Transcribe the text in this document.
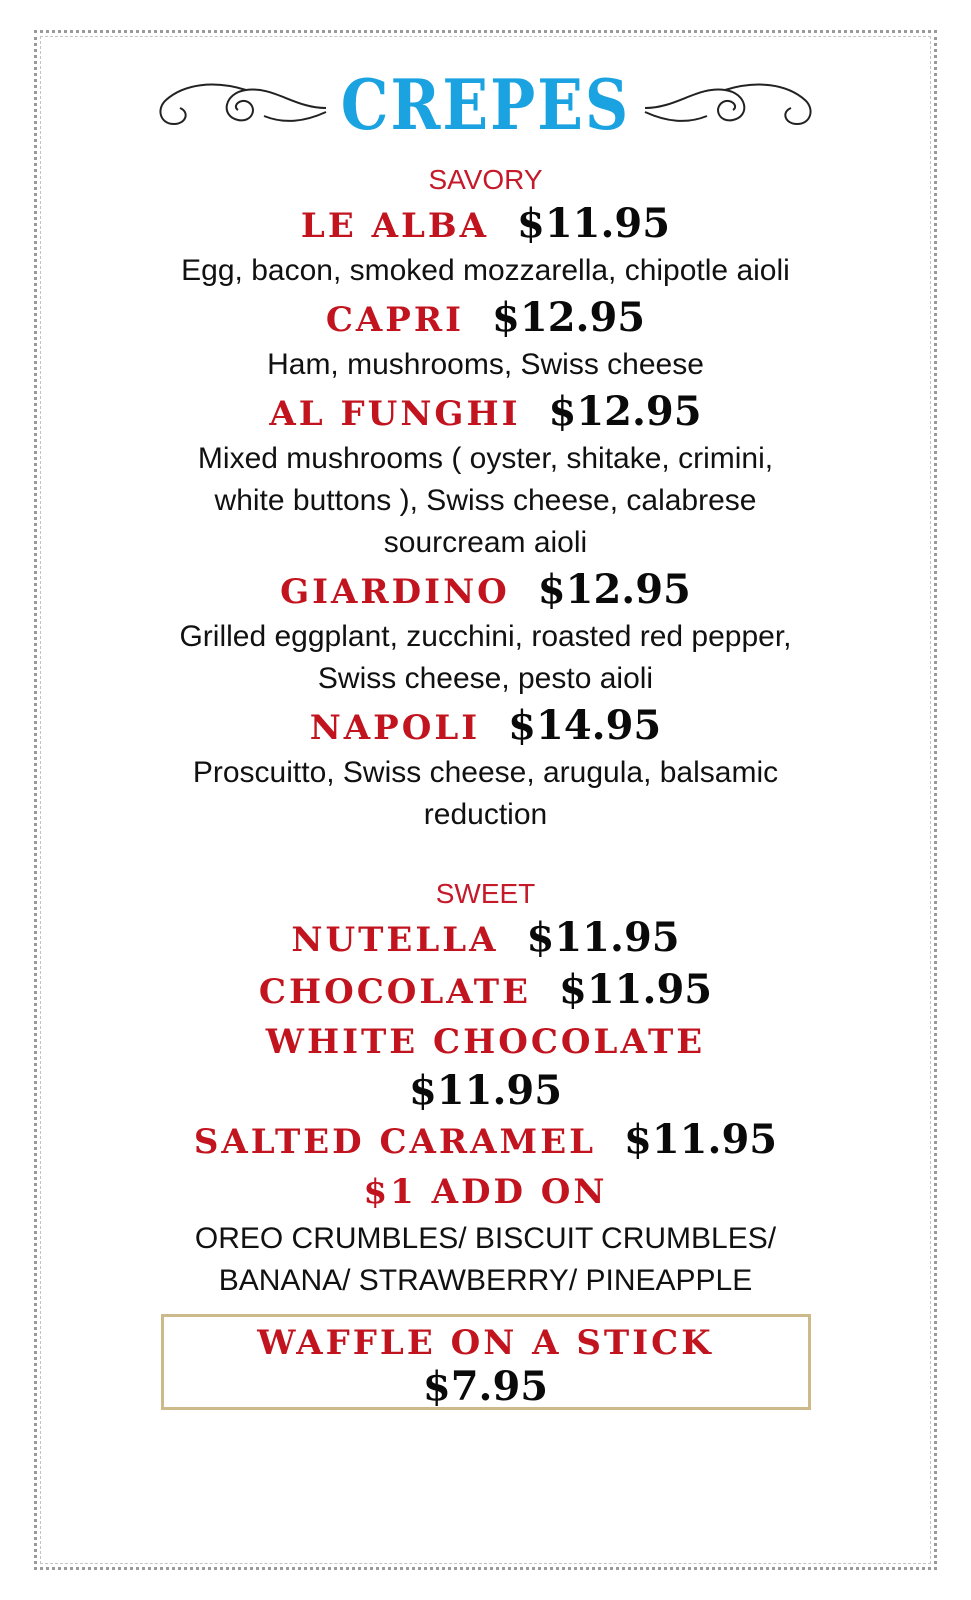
CREPES
SAVORY
LE ALBA $11.95
Egg, bacon, smoked mozzarella, chipotle aioli
CAPRI $12.95
Ham, mushrooms, Swiss cheese
AL FUNGHI $12.95
Mixed mushrooms ( oyster, shitake, crimini, white buttons ), Swiss cheese, calabrese sourcream aioli
GIARDINO $12.95
Grilled eggplant, zucchini, roasted red pepper, Swiss cheese, pesto aioli
NAPOLI $14.95
Proscuitto, Swiss cheese, arugula, balsamic reduction
SWEET
NUTELLA $11.95
CHOCOLATE $11.95
WHITE CHOCOLATE
$11.95
SALTED CARAMEL $11.95
$1 ADD ON
OREO CRUMBLES/ BISCUIT CRUMBLES/
BANANA/ STRAWBERRY/ PINEAPPLE
WAFFLE ON A STICK
$7.95
